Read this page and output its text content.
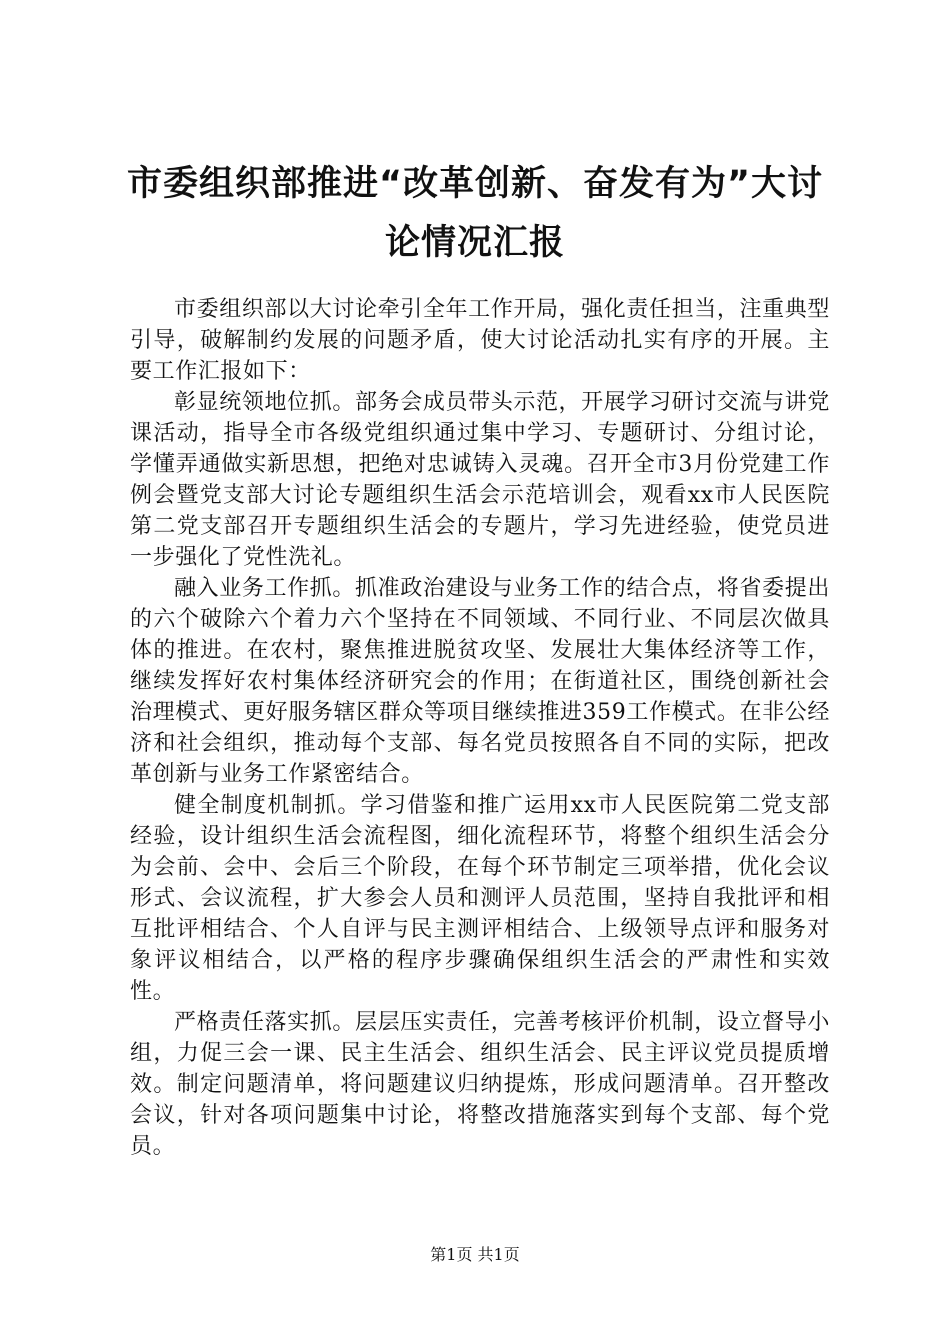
市委组织部推进“改革创新、奋发有为”大讨论情况汇报

市委组织部以大讨论牵引全年工作开局，强化责任担当，注重典型引导，破解制约发展的问题矛盾，使大讨论活动扎实有序的开展。主要工作汇报如下：

彰显统领地位抓。部务会成员带头示范，开展学习研讨交流与讲党课活动，指导全市各级党组织通过集中学习、专题研讨、分组讨论，学懂弄通做实新思想，把绝对忠诚铸入灵魂。召开全市3月份党建工作例会暨党支部大讨论专题组织生活会示范培训会，观看xx市人民医院第二党支部召开专题组织生活会的专题片，学习先进经验，使党员进一步强化了党性洗礼。

融入业务工作抓。抓准政治建设与业务工作的结合点，将省委提出的六个破除六个着力六个坚持在不同领域、不同行业、不同层次做具体的推进。在农村，聚焦推进脱贫攻坚、发展壮大集体经济等工作，继续发挥好农村集体经济研究会的作用；在街道社区，围绕创新社会治理模式、更好服务辖区群众等项目继续推进359工作模式。在非公经济和社会组织，推动每个支部、每名党员按照各自不同的实际，把改革创新与业务工作紧密结合。

健全制度机制抓。学习借鉴和推广运用xx市人民医院第二党支部经验，设计组织生活会流程图，细化流程环节，将整个组织生活会分为会前、会中、会后三个阶段，在每个环节制定三项举措，优化会议形式、会议流程，扩大参会人员和测评人员范围，坚持自我批评和相互批评相结合、个人自评与民主测评相结合、上级领导点评和服务对象评议相结合，以严格的程序步骤确保组织生活会的严肃性和实效性。

严格责任落实抓。层层压实责任，完善考核评价机制，设立督导小组，力促三会一课、民主生活会、组织生活会、民主评议党员提质增效。制定问题清单，将问题建议归纳提炼，形成问题清单。召开整改会议，针对各项问题集中讨论，将整改措施落实到每个支部、每个党员。

第1页 共1页
